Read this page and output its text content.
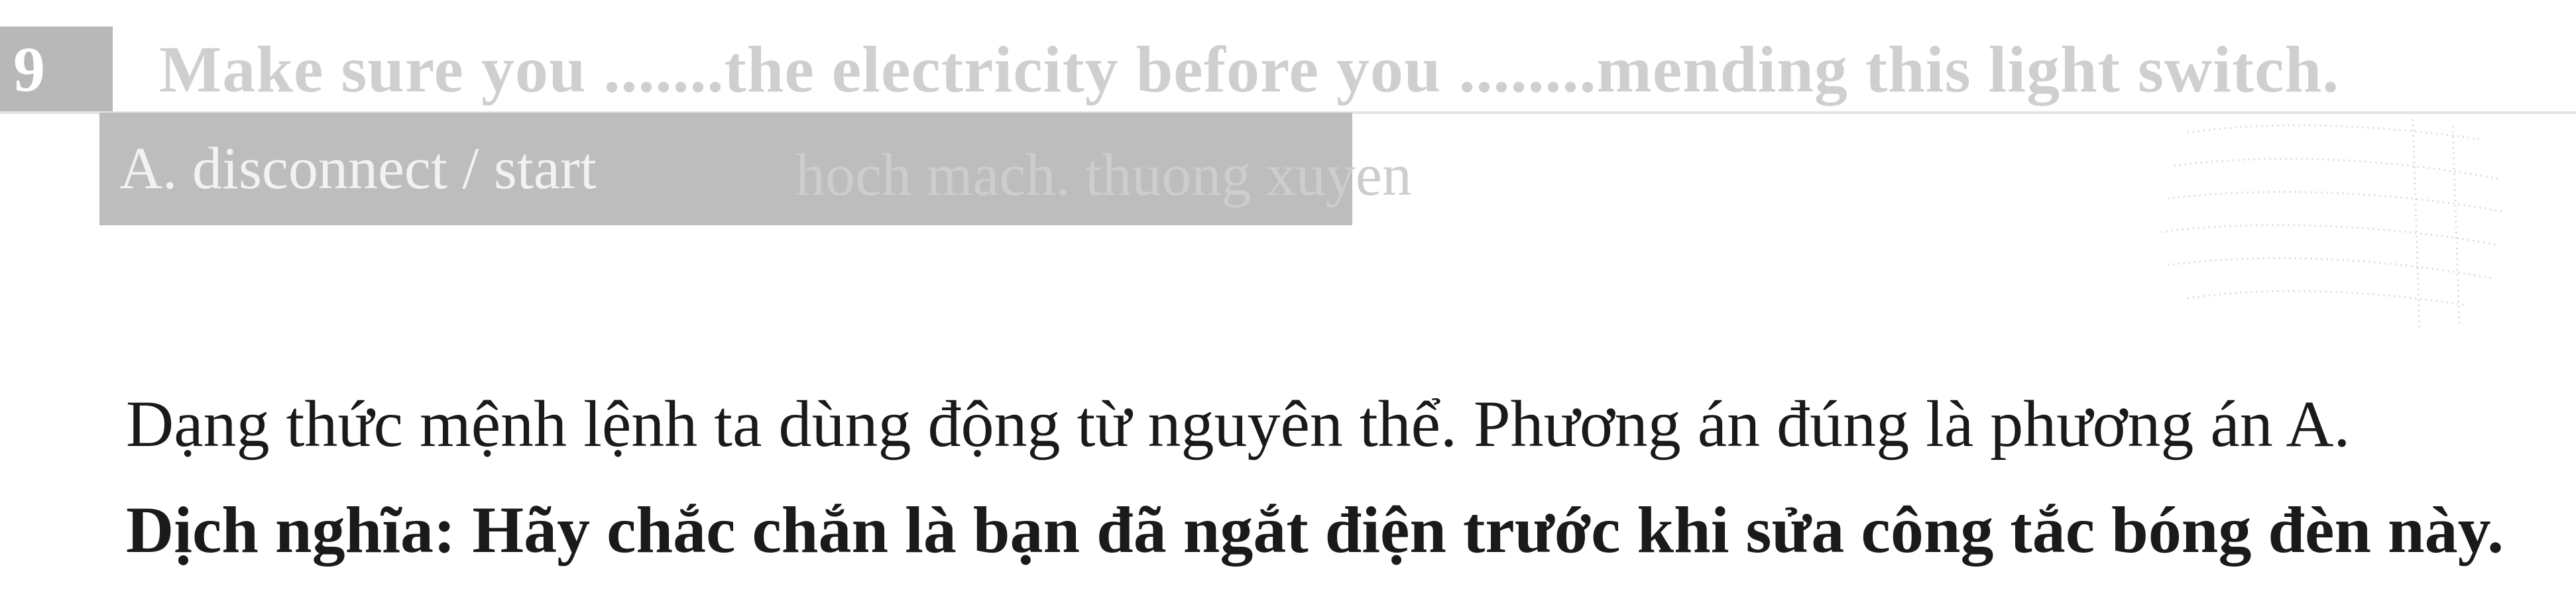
9	Make sure you .......the electricity before you ........mending this light switch.
A. disconnect / start	hoch mach. thuong xuyen
Dạng thức mệnh lệnh ta dùng động từ nguyên thể. Phương án đúng là phương án A.
Dịch nghĩa: Hãy chắc chắn là bạn đã ngắt điện trước khi sửa công tắc bóng đèn này.
